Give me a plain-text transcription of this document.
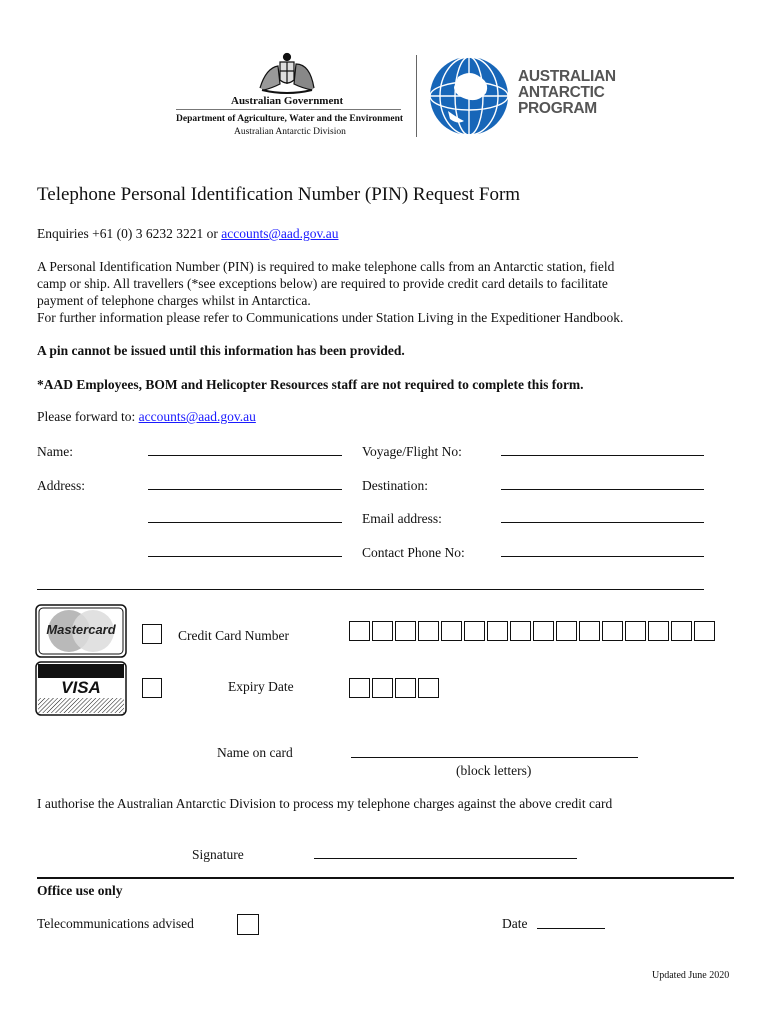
Australian Government
Department of Agriculture, Water and the Environment
Australian Antarctic Division
AUSTRALIAN
ANTARCTIC
PROGRAM
Telephone Personal Identification Number (PIN) Request Form
Enquiries +61 (0) 3 6232 3221 or accounts@aad.gov.au
A Personal Identification Number (PIN) is required to make telephone calls from an Antarctic station, field
camp or ship. All travellers (*see exceptions below) are required to provide credit card details to facilitate
payment of telephone charges whilst in Antarctica.
For further information please refer to Communications under Station Living in the Expeditioner Handbook.
A pin cannot be issued until this information has been provided.
*AAD Employees, BOM and Helicopter Resources staff are not required to complete this form.
Please forward to: accounts@aad.gov.au
Name:	Voyage/Flight No:
Address:	Destination:
Email address:
Contact Phone No:
Mastercard
VISA
Credit Card Number
Expiry Date
Name on card
(block letters)
I authorise the Australian Antarctic Division to process my telephone charges against the above credit card
Signature
Office use only
Telecommunications advised	Date
Updated June 2020
